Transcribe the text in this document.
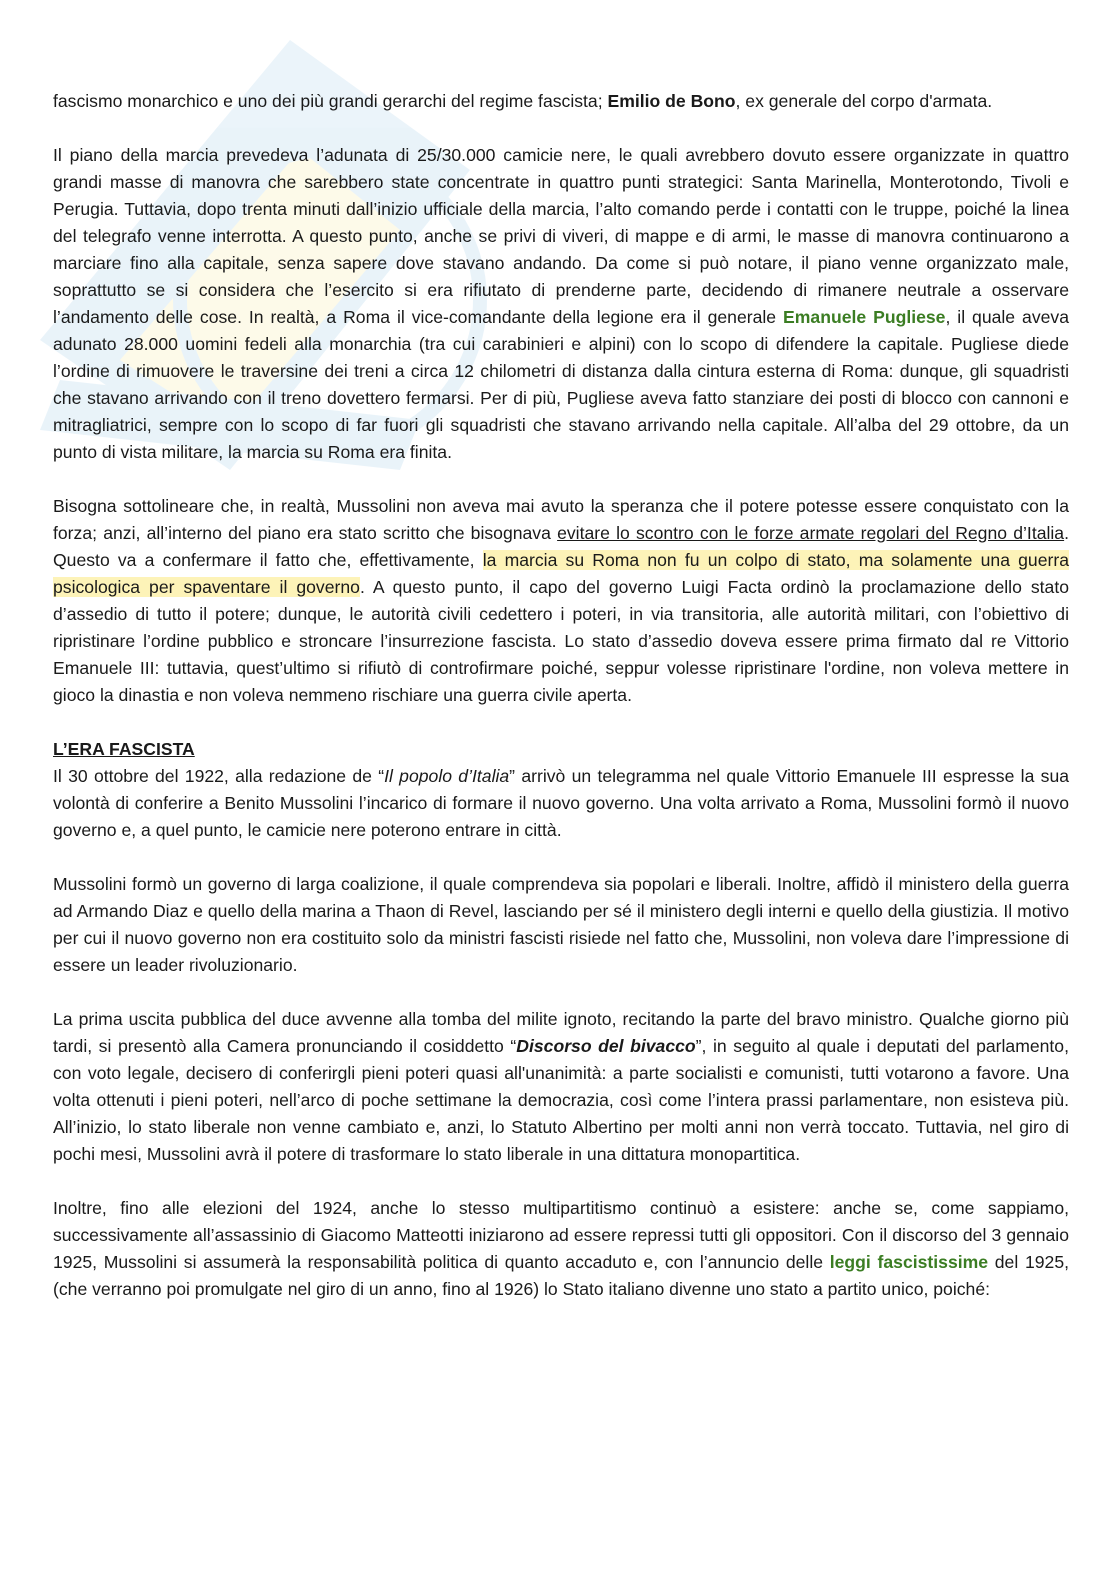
fascismo monarchico e uno dei più grandi gerarchi del regime fascista; Emilio de Bono, ex generale del corpo d'armata.

Il piano della marcia prevedeva l’adunata di 25/30.000 camicie nere, le quali avrebbero dovuto essere organizzate in quattro grandi masse di manovra che sarebbero state concentrate in quattro punti strategici: Santa Marinella, Monterotondo, Tivoli e Perugia. Tuttavia, dopo trenta minuti dall’inizio ufficiale della marcia, l’alto comando perde i contatti con le truppe, poiché la linea del telegrafo venne interrotta. A questo punto, anche se privi di viveri, di mappe e di armi, le masse di manovra continuarono a marciare fino alla capitale, senza sapere dove stavano andando. Da come si può notare, il piano venne organizzato male, soprattutto se si considera che l’esercito si era rifiutato di prenderne parte, decidendo di rimanere neutrale a osservare l’andamento delle cose. In realtà, a Roma il vice-comandante della legione era il generale Emanuele Pugliese, il quale aveva adunato 28.000 uomini fedeli alla monarchia (tra cui carabinieri e alpini) con lo scopo di difendere la capitale. Pugliese diede l’ordine di rimuovere le traversine dei treni a circa 12 chilometri di distanza dalla cintura esterna di Roma: dunque, gli squadristi che stavano arrivando con il treno dovettero fermarsi. Per di più, Pugliese aveva fatto stanziare dei posti di blocco con cannoni e mitragliatrici, sempre con lo scopo di far fuori gli squadristi che stavano arrivando nella capitale. All’alba del 29 ottobre, da un punto di vista militare, la marcia su Roma era finita.

Bisogna sottolineare che, in realtà, Mussolini non aveva mai avuto la speranza che il potere potesse essere conquistato con la forza; anzi, all’interno del piano era stato scritto che bisognava evitare lo scontro con le forze armate regolari del Regno d’Italia. Questo va a confermare il fatto che, effettivamente, la marcia su Roma non fu un colpo di stato, ma solamente una guerra psicologica per spaventare il governo. A questo punto, il capo del governo Luigi Facta ordinò la proclamazione dello stato d’assedio di tutto il potere; dunque, le autorità civili cedettero i poteri, in via transitoria, alle autorità militari, con l’obiettivo di ripristinare l’ordine pubblico e stroncare l’insurrezione fascista. Lo stato d’assedio doveva essere prima firmato dal re Vittorio Emanuele III: tuttavia, quest’ultimo si rifiutò di controfirmare poiché, seppur volesse ripristinare l'ordine, non voleva mettere in gioco la dinastia e non voleva nemmeno rischiare una guerra civile aperta.

L’ERA FASCISTA

Il 30 ottobre del 1922, alla redazione de “Il popolo d’Italia” arrivò un telegramma nel quale Vittorio Emanuele III espresse la sua volontà di conferire a Benito Mussolini l’incarico di formare il nuovo governo. Una volta arrivato a Roma, Mussolini formò il nuovo governo e, a quel punto, le camicie nere poterono entrare in città.

Mussolini formò un governo di larga coalizione, il quale comprendeva sia popolari e liberali. Inoltre, affidò il ministero della guerra ad Armando Diaz e quello della marina a Thaon di Revel, lasciando per sé il ministero degli interni e quello della giustizia. Il motivo per cui il nuovo governo non era costituito solo da ministri fascisti risiede nel fatto che, Mussolini, non voleva dare l’impressione di essere un leader rivoluzionario.

La prima uscita pubblica del duce avvenne alla tomba del milite ignoto, recitando la parte del bravo ministro. Qualche giorno più tardi, si presentò alla Camera pronunciando il cosiddetto “Discorso del bivacco”, in seguito al quale i deputati del parlamento, con voto legale, decisero di conferirgli pieni poteri quasi all'unanimità: a parte socialisti e comunisti, tutti votarono a favore. Una volta ottenuti i pieni poteri, nell’arco di poche settimane la democrazia, così come l’intera prassi parlamentare, non esisteva più. All’inizio, lo stato liberale non venne cambiato e, anzi, lo Statuto Albertino per molti anni non verrà toccato. Tuttavia, nel giro di pochi mesi, Mussolini avrà il potere di trasformare lo stato liberale in una dittatura monopartitica.

Inoltre, fino alle elezioni del 1924, anche lo stesso multipartitismo continuò a esistere: anche se, come sappiamo, successivamente all’assassinio di Giacomo Matteotti iniziarono ad essere repressi tutti gli oppositori. Con il discorso del 3 gennaio 1925, Mussolini si assumerà la responsabilità politica di quanto accaduto e, con l’annuncio delle leggi fascistissime del 1925, (che verranno poi promulgate nel giro di un anno, fino al 1926) lo Stato italiano divenne uno stato a partito unico, poiché:
